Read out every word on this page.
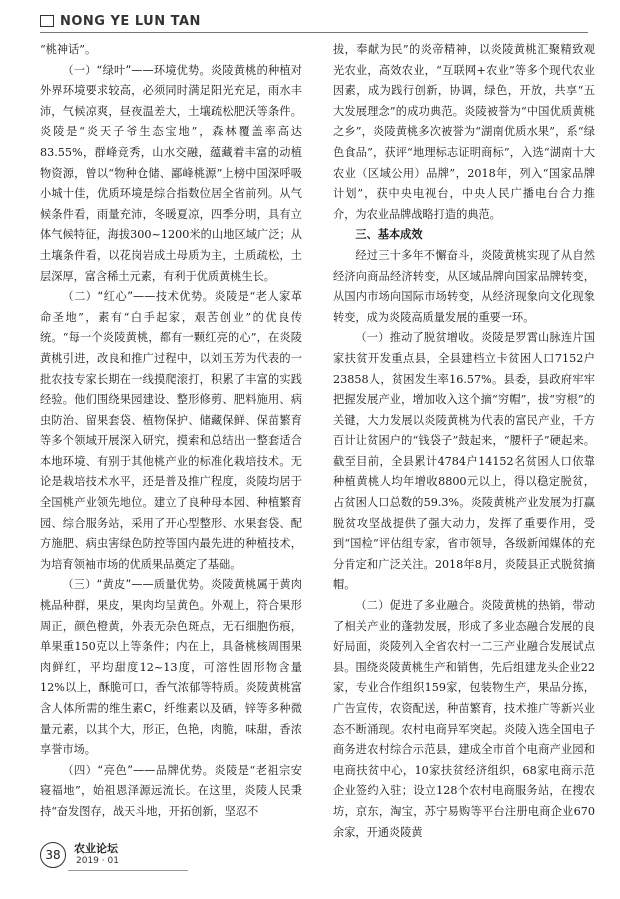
NONG YE LUN TAN

“桃神话”。

（一）“绿叶”——环境优势。炎陵黄桃的种植对外界环境要求较高，必须同时满足阳光充足，雨水丰沛，气候凉爽，昼夜温差大，土壤疏松肥沃等条件。炎陵是“炎天子爷生态宝地”，森林覆盖率高达83.55%，群峰竞秀，山水交融，蕴藏着丰富的动植物资源，曾以“物种仓储、鄙峰桃源”上榜中国深呼吸小城十佳，优质环境是综合指数位居全省前列。从气候条件看，雨量充沛，冬暖夏凉，四季分明，具有立体气候特征，海拔300~1200米的山地区域广泛；从土壤条件看，以花岗岩成土母质为主，土质疏松，土层深厚，富含稀土元素，有利于优质黄桃生长。

（二）“红心”——技术优势。炎陵是“老人家革命圣地”，素有“白手起家，艰苦创业”的优良传统。“每一个炎陵黄桃，都有一颗红亮的心”，在炎陵黄桃引进，改良和推广过程中，以刘玉芳为代表的一批农技专家长期在一线摸爬滚打，积累了丰富的实践经验。他们围绕果园建设、整形修剪、肥料施用、病虫防治、留果套袋、植物保护、储藏保鲜、保苗繁育等多个领域开展深入研究，摸索和总结出一整套适合本地环境、有别于其他桃产业的标准化栽培技术。无论是栽培技术水平，还是普及推广程度，炎陵均居于全国桃产业领先地位。建立了良种母本园、种植繁育园、综合服务站，采用了开心型整形、水果套袋、配方施肥、病虫害绿色防控等国内最先进的种植技术，为培育领袖市场的优质果品奠定了基础。

（三）“黄皮”——质量优势。炎陵黄桃属于黄肉桃品种群，果皮，果肉均呈黄色。外观上，符合果形周正，颜色橙黄，外表无杂色斑点，无石细胞伤痕，单果重150克以上等条件；内在上，具备桃核周围果肉鲜红，平均甜度12~13度，可溶性固形物含量12%以上，酥脆可口，香气浓郁等特质。炎陵黄桃富含人体所需的维生素C，纤维素以及硒，锌等多种微量元素，以其个大，形正，色艳，肉脆，味甜，香浓享誉市场。

（四）“亮色”——品牌优势。炎陵是“老祖宗安寝福地”，始祖恩泽源远流长。在这里，炎陵人民秉持“奋发图存，战天斗地，开拓创新，坚忍不

拔，奉献为民”的炎帝精神，以炎陵黄桃汇聚精致观光农业，高效农业，“互联网+农业”等多个现代农业因素，成为践行创新，协调，绿色，开放，共享“五大发展理念”的成功典范。炎陵被誉为“中国优质黄桃之乡”，炎陵黄桃多次被誉为“湖南优质水果”，系“绿色食品”，获评“地理标志证明商标”，入选“湖南十大农业（区域公用）品牌”，2018年，列入“国家品牌计划”，获中央电视台，中央人民广播电台合力推介，为农业品牌战略打造的典范。

三、基本成效

经过三十多年不懈奋斗，炎陵黄桃实现了从自然经济向商品经济转变，从区域品牌向国家品牌转变，从国内市场向国际市场转变，从经济现象向文化现象转变，成为炎陵高质量发展的重要一环。

（一）推动了脱贫增收。炎陵是罗霄山脉连片国家扶贫开发重点县，全县建档立卡贫困人口7152户23858人，贫困发生率16.57%。县委，县政府牢牢把握发展产业，增加收入这个摘“穷帽”，拔“穷根”的关键，大力发展以炎陵黄桃为代表的富民产业，千方百计让贫困户的“钱袋子”鼓起来，“腰杆子”硬起来。截至目前，全县累计4784户14152名贫困人口依靠种植黄桃人均年增收8800元以上，得以稳定脱贫，占贫困人口总数的59.3%。炎陵黄桃产业发展为打赢脱贫攻坚战提供了强大动力，发挥了重要作用，受到“国检”评估组专家，省市领导，各级新闻媒体的充分肯定和广泛关注。2018年8月，炎陵县正式脱贫摘帽。

（二）促进了多业融合。炎陵黄桃的热销，带动了相关产业的蓬勃发展，形成了多业态融合发展的良好局面，炎陵列入全省农村一二三产业融合发展试点县。围绕炎陵黄桃生产和销售，先后组建龙头企业22家，专业合作组织159家，包装物生产，果品分拣，广告宣传，农资配送，种苗繁育，技术推广等新兴业态不断涌现。农村电商异军突起。炎陵入选全国电子商务进农村综合示范县，建成全市首个电商产业园和电商扶贫中心，10家扶贫经济组织，68家电商示范企业签约入驻；设立128个农村电商服务站，在搜农坊，京东，淘宝，苏宁易购等平台注册电商企业670余家，开通炎陵黄

38	农业论坛
2019 · 01
